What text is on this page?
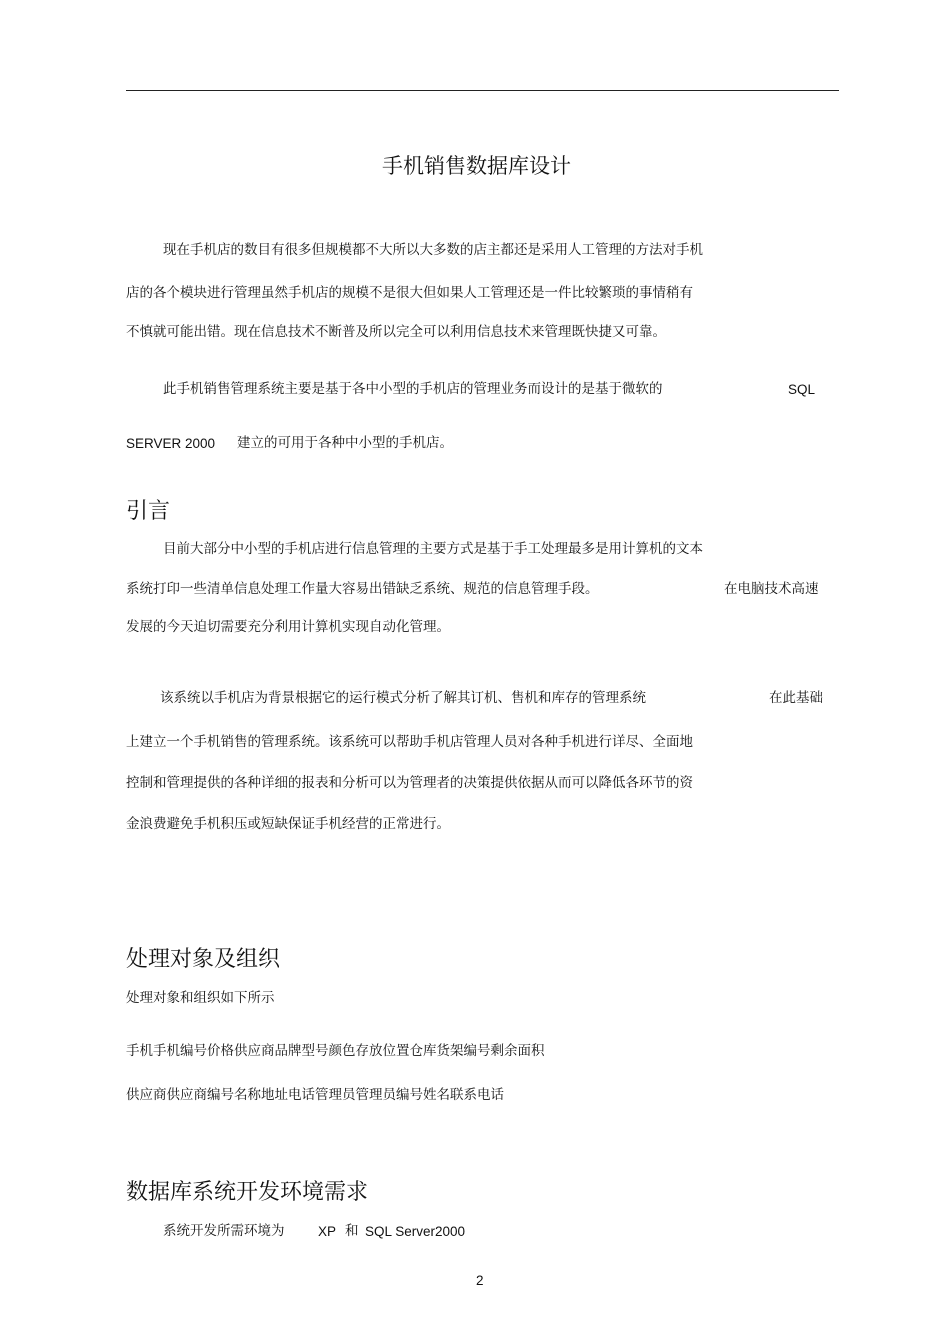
手机销售数据库设计
现在手机店的数目有很多但规模都不大所以大多数的店主都还是采用人工管理的方法对手机
店的各个模块进行管理虽然手机店的规模不是很大但如果人工管理还是一件比较繁琐的事情稍有
不慎就可能出错。现在信息技术不断普及所以完全可以利用信息技术来管理既快捷又可靠。
此手机销售管理系统主要是基于各中小型的手机店的管理业务而设计的是基于微软的	SQL
SERVER 2000 建立的可用于各种中小型的手机店。
引言
目前大部分中小型的手机店进行信息管理的主要方式是基于手工处理最多是用计算机的文本
系统打印一些清单信息处理工作量大容易出错缺乏系统、规范的信息管理手段。	在电脑技术高速
发展的今天迫切需要充分利用计算机实现自动化管理。
该系统以手机店为背景根据它的运行模式分析了解其订机、售机和库存的管理系统	在此基础
上建立一个手机销售的管理系统。该系统可以帮助手机店管理人员对各种手机进行详尽、全面地
控制和管理提供的各种详细的报表和分析可以为管理者的决策提供依据从而可以降低各环节的资
金浪费避免手机积压或短缺保证手机经营的正常进行。
处理对象及组织
处理对象和组织如下所示
手机手机编号价格供应商品牌型号颜色存放位置仓库货架编号剩余面积
供应商供应商编号名称地址电话管理员管理员编号姓名联系电话
数据库系统开发环境需求
系统开发所需环境为 XP 和 SQL Server2000
2
